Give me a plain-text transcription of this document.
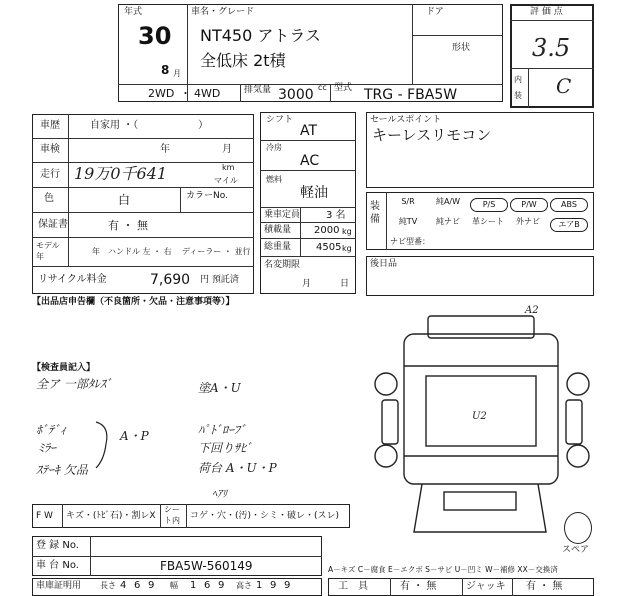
年式
30
8 月
車名・グレード
NT450 アトラス
全低床 2t積
ドア
形状
2WD ・ 4WD	排気量 3000 cc 型式 TRG - FBA5W
評 価 点
3.5
内
装 C
車歴	自家用 ・（　　　　　　）
車検	年	月
走行 19万0千641	km
マイル
色	白	カラーNo.
保証書	有 ・ 無
モデル
年
年 ハンドル 左 ・ 右 ディーラー ・ 並行
リサイクル料金	7,690 円 預託済
シフト
AT
冷房
AC
燃料
軽油
乗車定員	3 名
積載量 2000 kg
総重量 4505 kg
名変期限
月	日
セールスポイント
キーレスリモコン
装備
S/R	純A/W	P/S	P/W	ABS
純TV	純ナビ	革シート	外ナビ	エアB
ナビ型番：
後日品
【出品店申告欄（不良箇所・欠品・注意事項等）】
【検査員記入】
全ア 一部ﾀﾚｽﾞ
ﾎﾞﾃﾞｨ
ﾐﾗｰ
ｽﾃｰｷ 欠品
A・P
塗A・U
ﾊﾟﾄﾞﾛｰﾌﾞ
下回りｻﾋﾞ
荷台 A・U・P
ﾍｱﾘ
A2
U2
スペア
F W キズ・(ﾄﾋﾞ石)・割レX
シー
ト内 コゲ・穴・(汚)・シミ・破レ・(スレ)
登 録 No.
車 台 No.	FBA5W-560149
車庫証明用 長さ 4 6 9 幅 1 6 9 高さ 1 9 9
A－キズ C－腐食 E－エクボ S－サビ U－凹ミ W－補修 XX－交換済
工　具	有 ・ 無	ジャッキ 有 ・ 無
